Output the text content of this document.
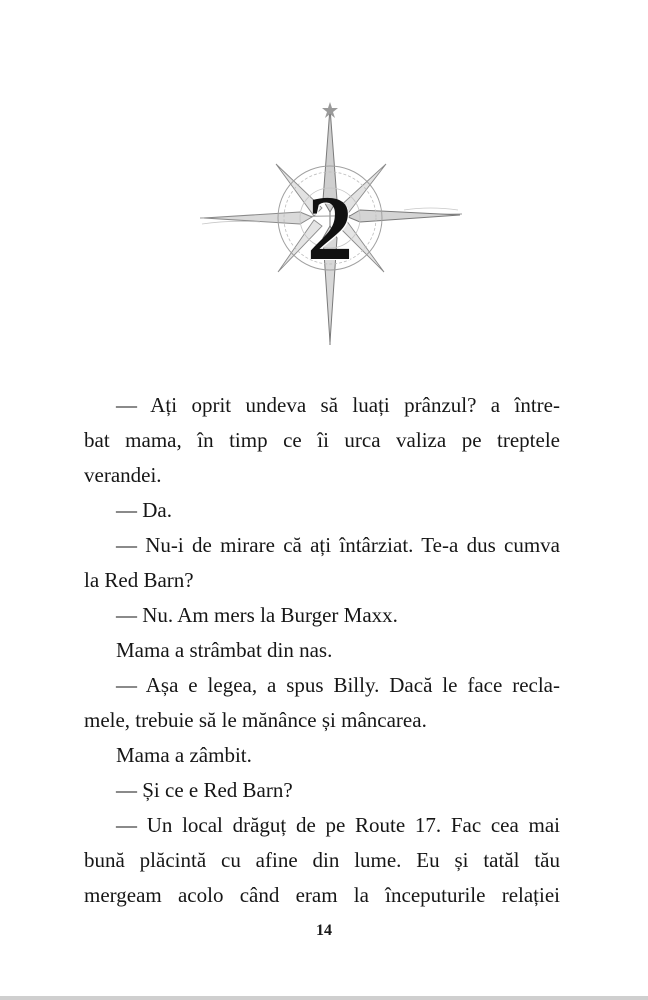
2
— Ați oprit undeva să luați prânzul? a între-
bat mama, în timp ce îi urca valiza pe treptele
verandei.
— Da.
— Nu-i de mirare că ați întârziat. Te-a dus cumva
la Red Barn?
— Nu. Am mers la Burger Maxx.
Mama a strâmbat din nas.
— Așa e legea, a spus Billy. Dacă le face recla-
mele, trebuie să le mănânce și mâncarea.
Mama a zâmbit.
— Și ce e Red Barn?
— Un local drăguț de pe Route 17. Fac cea mai
bună plăcintă cu afine din lume. Eu și tatăl tău
mergeam acolo când eram la începuturile relației
14
